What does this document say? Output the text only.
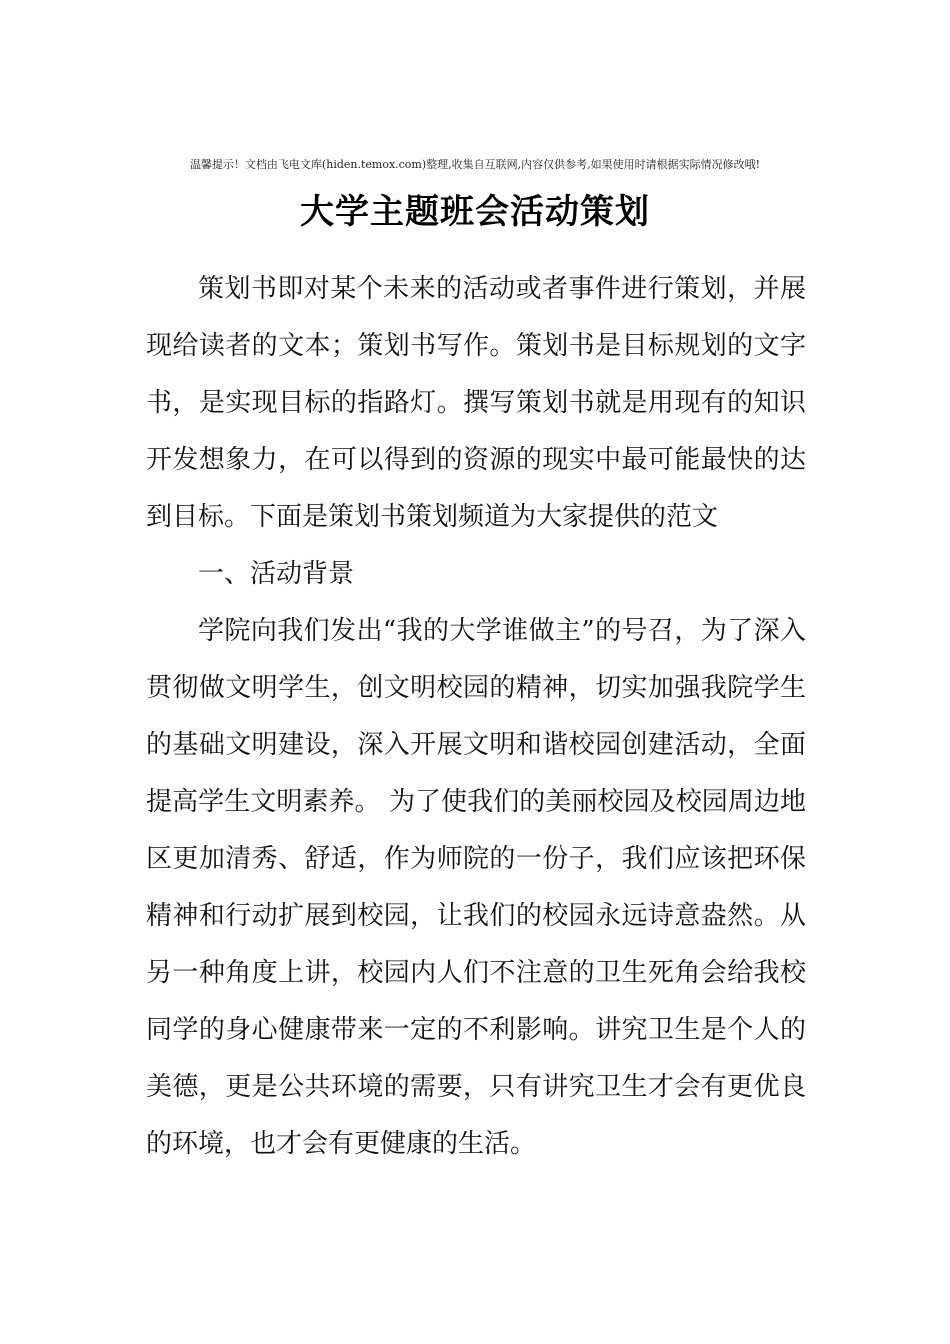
温馨提示！文档由飞电文库(hiden.temox.com)整理,收集自互联网,内容仅供参考,如果使用时请根据实际情况修改哦!
大学主题班会活动策划
策划书即对某个未来的活动或者事件进行策划，并展现给读者的文本；策划书写作。策划书是目标规划的文字书，是实现目标的指路灯。撰写策划书就是用现有的知识开发想象力，在可以得到的资源的现实中最可能最快的达到目标。下面是策划书策划频道为大家提供的范文
一、活动背景
学院向我们发出“我的大学谁做主”的号召，为了深入贯彻做文明学生，创文明校园的精神，切实加强我院学生的基础文明建设，深入开展文明和谐校园创建活动，全面提高学生文明素养。 为了使我们的美丽校园及校园周边地区更加清秀、舒适，作为师院的一份子，我们应该把环保精神和行动扩展到校园，让我们的校园永远诗意盎然。从另一种角度上讲，校园内人们不注意的卫生死角会给我校同学的身心健康带来一定的不利影响。讲究卫生是个人的美德，更是公共环境的需要，只有讲究卫生才会有更优良的环境，也才会有更健康的生活。
